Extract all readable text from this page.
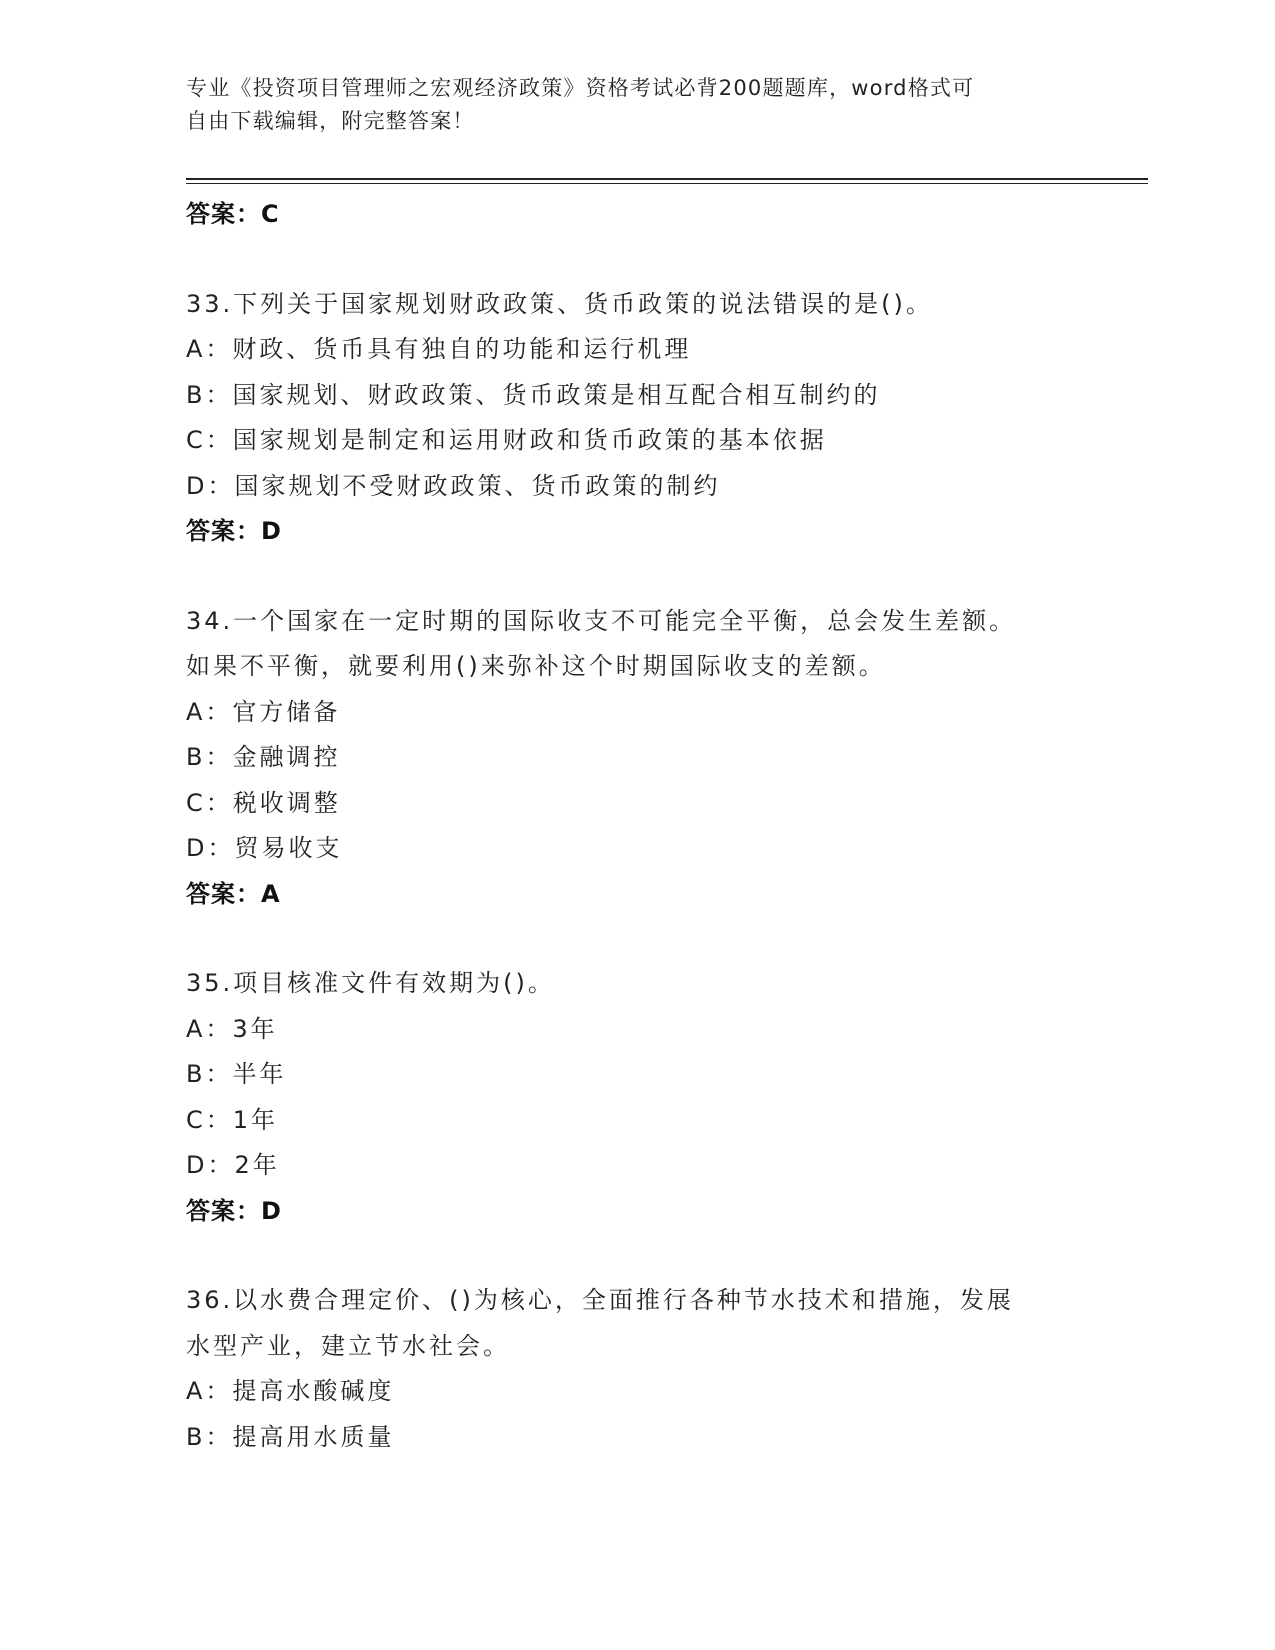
专业《投资项目管理师之宏观经济政策》资格考试必背200题题库，word格式可
自由下载编辑，附完整答案！
答案：C
33.下列关于国家规划财政政策、货币政策的说法错误的是()。
A：财政、货币具有独自的功能和运行机理
B：国家规划、财政政策、货币政策是相互配合相互制约的
C：国家规划是制定和运用财政和货币政策的基本依据
D：国家规划不受财政政策、货币政策的制约
答案：D
34.一个国家在一定时期的国际收支不可能完全平衡，总会发生差额。
如果不平衡，就要利用()来弥补这个时期国际收支的差额。
A：官方储备
B：金融调控
C：税收调整
D：贸易收支
答案：A
35.项目核准文件有效期为()。
A：3年
B：半年
C：1年
D：2年
答案：D
36.以水费合理定价、()为核心，全面推行各种节水技术和措施，发展
水型产业，建立节水社会。
A：提高水酸碱度
B：提高用水质量
